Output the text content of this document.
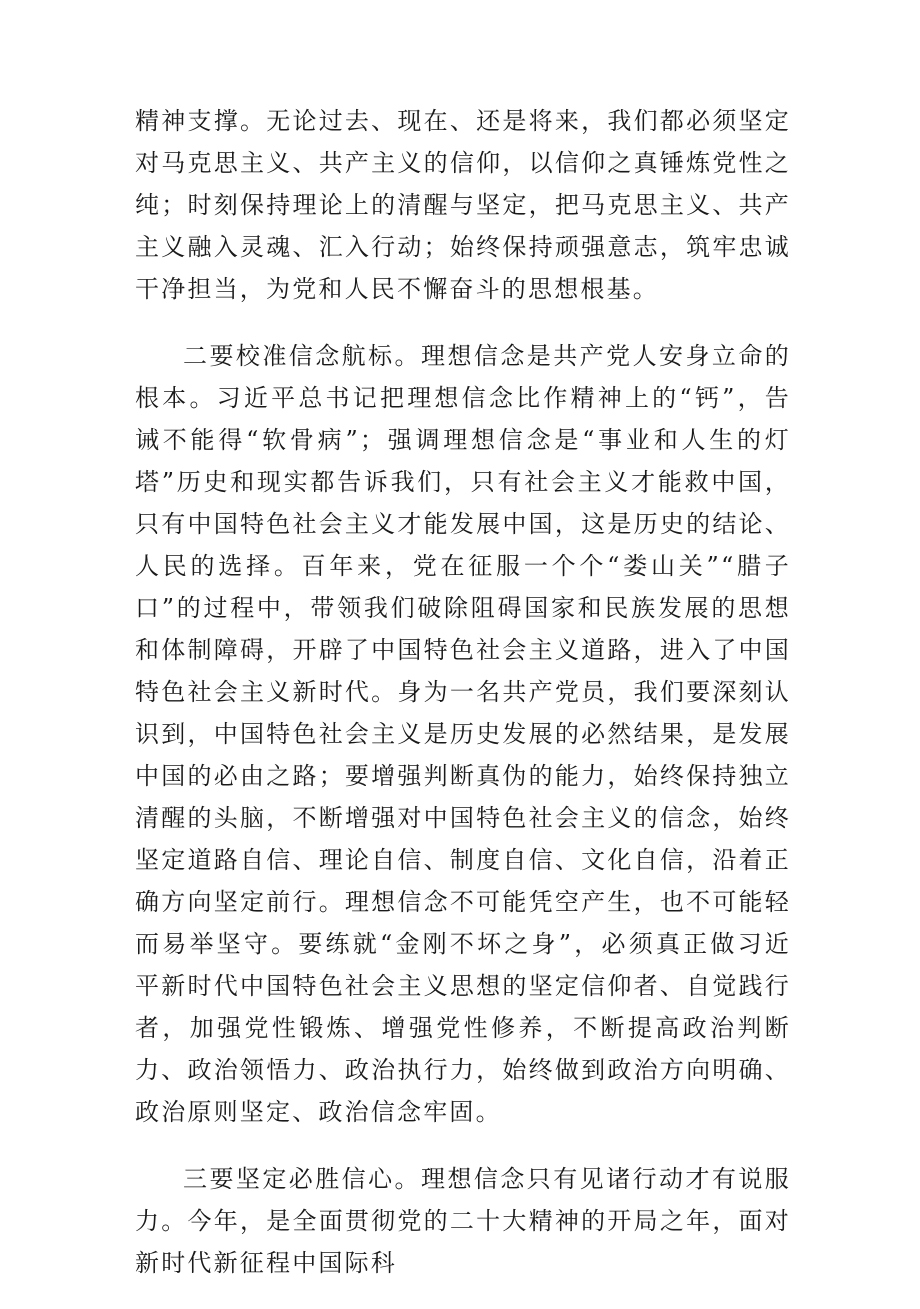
精神支撑。无论过去、现在、还是将来，我们都必须坚定对马克思主义、共产主义的信仰，以信仰之真锤炼党性之纯；时刻保持理论上的清醒与坚定，把马克思主义、共产主义融入灵魂、汇入行动；始终保持顽强意志，筑牢忠诚干净担当，为党和人民不懈奋斗的思想根基。

二要校准信念航标。理想信念是共产党人安身立命的根本。习近平总书记把理想信念比作精神上的“钙”，告诫不能得“软骨病”；强调理想信念是“事业和人生的灯塔”历史和现实都告诉我们，只有社会主义才能救中国，只有中国特色社会主义才能发展中国，这是历史的结论、人民的选择。百年来，党在征服一个个“娄山关”“腊子口”的过程中，带领我们破除阻碍国家和民族发展的思想和体制障碍，开辟了中国特色社会主义道路，进入了中国特色社会主义新时代。身为一名共产党员，我们要深刻认识到，中国特色社会主义是历史发展的必然结果，是发展中国的必由之路；要增强判断真伪的能力，始终保持独立清醒的头脑，不断增强对中国特色社会主义的信念，始终坚定道路自信、理论自信、制度自信、文化自信，沿着正确方向坚定前行。理想信念不可能凭空产生，也不可能轻而易举坚守。要练就“金刚不坏之身”，必须真正做习近平新时代中国特色社会主义思想的坚定信仰者、自觉践行者，加强党性锻炼、增强党性修养，不断提高政治判断力、政治领悟力、政治执行力，始终做到政治方向明确、政治原则坚定、政治信念牢固。

三要坚定必胜信心。理想信念只有见诸行动才有说服力。今年，是全面贯彻党的二十大精神的开局之年，面对新时代新征程中国际科
